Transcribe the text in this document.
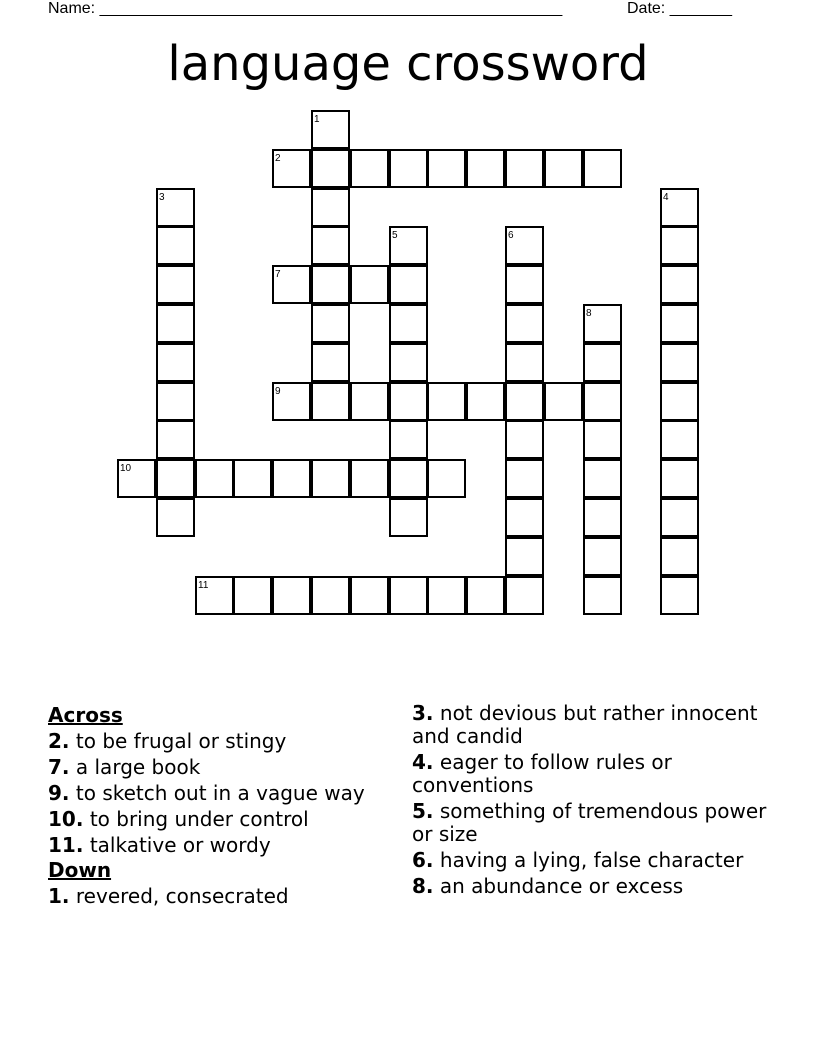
Name: ____________________________________________________	Date: _______
language crossword
1
2
3	4
5	6
7
8
9
10
11
Across
2. to be frugal or stingy
7. a large book
9. to sketch out in a vague way
10. to bring under control
11. talkative or wordy
Down
1. revered, consecrated
3. not devious but rather innocent and candid
4. eager to follow rules or conventions
5. something of tremendous power or size
6. having a lying, false character
8. an abundance or excess
